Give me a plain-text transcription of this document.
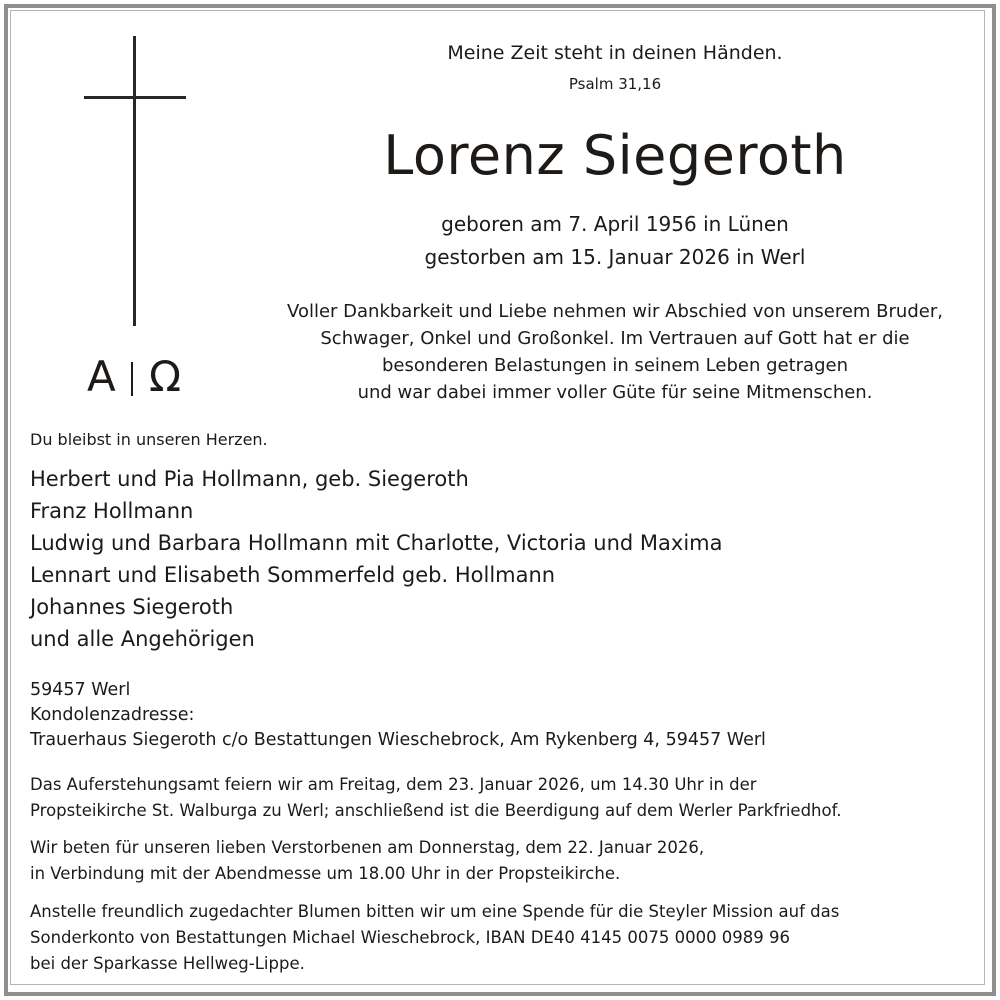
A Ω
Meine Zeit steht in deinen Händen.
Psalm 31,16
Lorenz Siegeroth
geboren am 7. April 1956 in Lünen
gestorben am 15. Januar 2026 in Werl
Voller Dankbarkeit und Liebe nehmen wir Abschied von unserem Bruder,
Schwager, Onkel und Großonkel. Im Vertrauen auf Gott hat er die
besonderen Belastungen in seinem Leben getragen
und war dabei immer voller Güte für seine Mitmenschen.
Du bleibst in unseren Herzen.
Herbert und Pia Hollmann, geb. Siegeroth
Franz Hollmann
Ludwig und Barbara Hollmann mit Charlotte, Victoria und Maxima
Lennart und Elisabeth Sommerfeld geb. Hollmann
Johannes Siegeroth
und alle Angehörigen
59457 Werl
Kondolenzadresse:
Trauerhaus Siegeroth c/o Bestattungen Wieschebrock, Am Rykenberg 4, 59457 Werl
Das Auferstehungsamt feiern wir am Freitag, dem 23. Januar 2026, um 14.30 Uhr in der
Propsteikirche St. Walburga zu Werl; anschließend ist die Beerdigung auf dem Werler Parkfriedhof.
Wir beten für unseren lieben Verstorbenen am Donnerstag, dem 22. Januar 2026,
in Verbindung mit der Abendmesse um 18.00 Uhr in der Propsteikirche.
Anstelle freundlich zugedachter Blumen bitten wir um eine Spende für die Steyler Mission auf das
Sonderkonto von Bestattungen Michael Wieschebrock, IBAN DE40 4145 0075 0000 0989 96
bei der Sparkasse Hellweg-Lippe.
